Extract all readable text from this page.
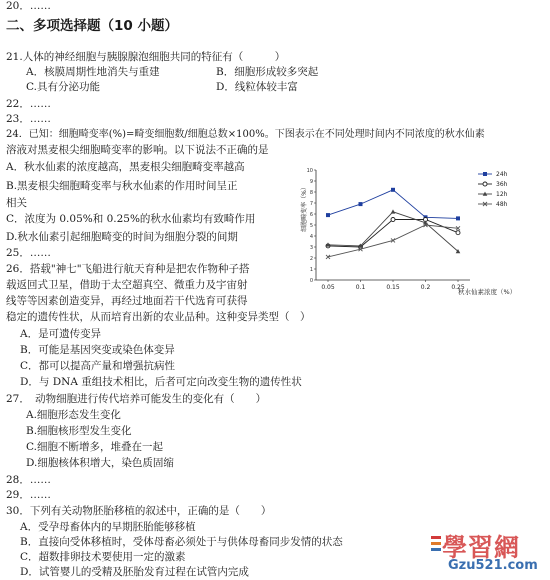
20．……
二、多项选择题（10 小题）
21.人体的神经细胞与胰腺腺泡细胞共同的特征有（　　　）
A．核膜周期性地消失与重建	B．细胞形成较多突起
C.具有分泌功能	D．线粒体较丰富
22．……
23．……
24．已知：细胞畸变率(%)=畸变细胞数/细胞总数×100%。下图表示在不同处理时间内不同浓度的秋水仙素
溶液对黑麦根尖细胞畸变率的影响。以下说法不正确的是
A．秋水仙素的浓度越高，黑麦根尖细胞畸变率越高
B.黑麦根尖细胞畸变率与秋水仙素的作用时间呈正
相关
C．浓度为 0.05%和 0.25%的秋水仙素均有致畸作用
D.秋水仙素引起细胞畸变的时间为细胞分裂的间期
25．……
26．搭载"神七"飞船进行航天育种是把农作物种子搭
载返回式卫星，借助于太空超真空、微重力及宇宙射
线等等因素创造变异，再经过地面若干代选育可获得
稳定的遗传性状，从而培育出新的农业品种。这种变异类型（　）
A．是可遗传变异
B．可能是基因突变或染色体变异
C．都可以提高产量和增强抗病性
D．与 DNA 重组技术相比，后者可定向改变生物的遗传性状
27．　动物细胞进行传代培养可能发生的变化有（　　）
A.细胞形态发生变化
B.细胞核形型发生变化
C.细胞不断增多，堆叠在一起
D.细胞核体积增大，染色质固缩
28．……
29．……
30．下列有关动物胚胎移植的叙述中，正确的是（　　）
A．受孕母畜体内的早期胚胎能够移植
B．直接向受体移植时，受体母畜必须处于与供体母畜同步发情的状态
C．超数排卵技术要使用一定的激素
D．试管婴儿的受精及胚胎发育过程在试管内完成
0
1
2
3
4
5
6
7
8
9
10
0.05	0.1	0.15	0.2	0.25
24h
36h
12h
48h
秋水仙素浓度（%）
细胞畸变率（%）
學習網
Gzu521.com
